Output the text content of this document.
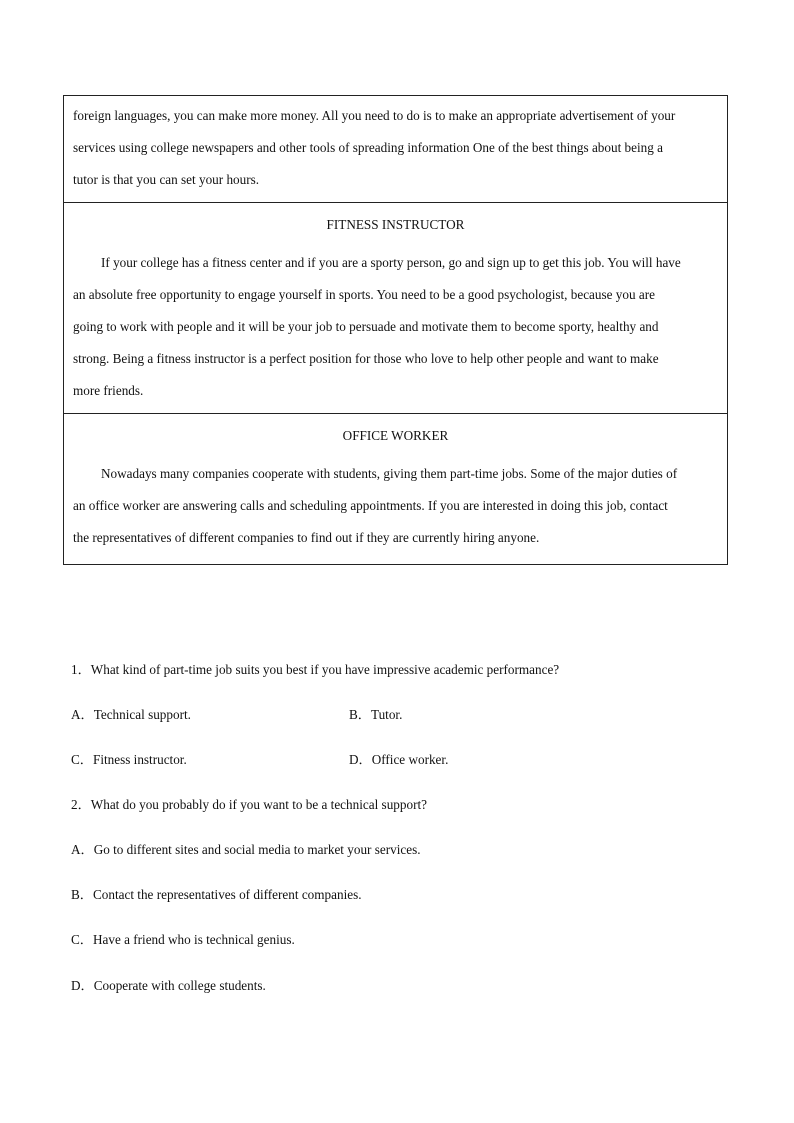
foreign languages, you can make more money. All you need to do is to make an appropriate advertisement of your
services using college newspapers and other tools of spreading information One of the best things about being a
tutor is that you can set your hours.
FITNESS INSTRUCTOR
If your college has a fitness center and if you are a sporty person, go and sign up to get this job. You will have
an absolute free opportunity to engage yourself in sports. You need to be a good psychologist, because you are
going to work with people and it will be your job to persuade and motivate them to become sporty, healthy and
strong. Being a fitness instructor is a perfect position for those who love to help other people and want to make
more friends.
OFFICE WORKER
Nowadays many companies cooperate with students, giving them part-time jobs. Some of the major duties of
an office worker are answering calls and scheduling appointments. If you are interested in doing this job, contact
the representatives of different companies to find out if they are currently hiring anyone.
1．What kind of part-time job suits you best if you have impressive academic performance?
A．Technical support.	B．Tutor.
C．Fitness instructor.	D．Office worker.
2．What do you probably do if you want to be a technical support?
A．Go to different sites and social media to market your services.
B．Contact the representatives of different companies.
C．Have a friend who is technical genius.
D．Cooperate with college students.
